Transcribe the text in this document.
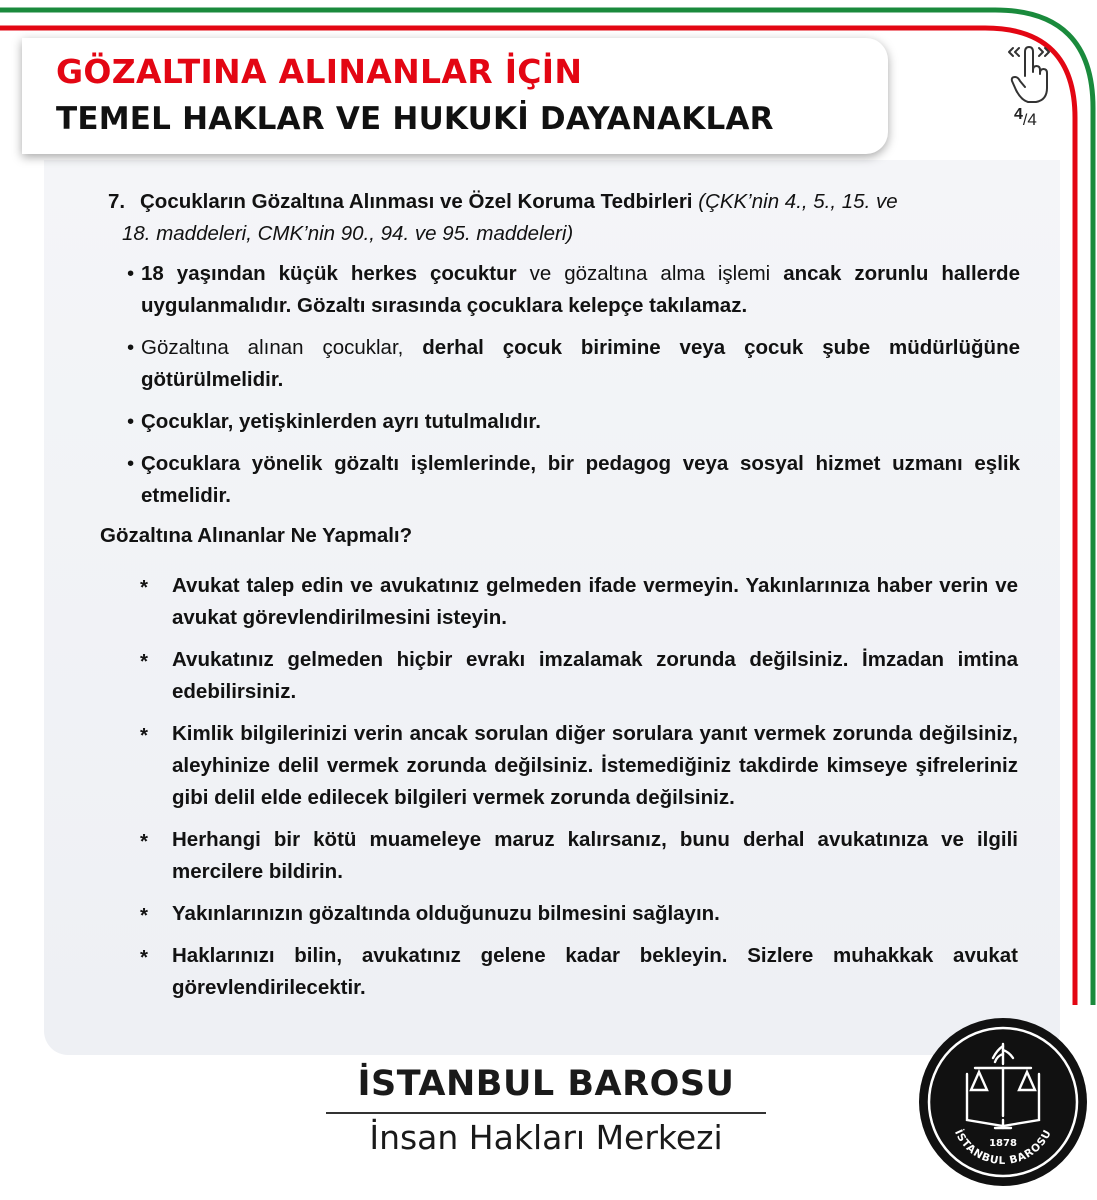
GÖZALTINA ALINANLAR İÇİN
TEMEL HAKLAR VE HUKUKİ DAYANAKLAR	4/4
7. Çocukların Gözaltına Alınması ve Özel Koruma Tedbirleri (ÇKK’nin 4., 5., 15. ve
18. maddeleri, CMK’nin 90., 94. ve 95. maddeleri)
• 18 yaşından küçük herkes çocuktur ve gözaltına alma işlemi ancak zorunlu hallerde uygulanmalıdır. Gözaltı sırasında çocuklara kelepçe takılamaz.
• Gözaltına alınan çocuklar, derhal çocuk birimine veya çocuk şube müdürlüğüne götürülmelidir.
• Çocuklar, yetişkinlerden ayrı tutulmalıdır.
• Çocuklara yönelik gözaltı işlemlerinde, bir pedagog veya sosyal hizmet uzmanı eşlik etmelidir.
Gözaltına Alınanlar Ne Yapmalı?
* Avukat talep edin ve avukatınız gelmeden ifade vermeyin. Yakınlarınıza haber verin ve avukat görevlendirilmesini isteyin.
* Avukatınız gelmeden hiçbir evrakı imzalamak zorunda değilsiniz. İmzadan imtina edebilirsiniz.
* Kimlik bilgilerinizi verin ancak sorulan diğer sorulara yanıt vermek zorunda değilsiniz, aleyhinize delil vermek zorunda değilsiniz. İstemediğiniz takdirde kimseye şifreleriniz gibi delil elde edilecek bilgileri vermek zorunda değilsiniz.
* Herhangi bir kötü muameleye maruz kalırsanız, bunu derhal avukatınıza ve ilgili mercilere bildirin.
* Yakınlarınızın gözaltında olduğunuzu bilmesini sağlayın.
* Haklarınızı bilin, avukatınız gelene kadar bekleyin. Sizlere muhakkak avukat görevlendirilecektir.
İSTANBUL BAROSU
İnsan Hakları Merkezi	1878
İSTANBUL BAROSU
